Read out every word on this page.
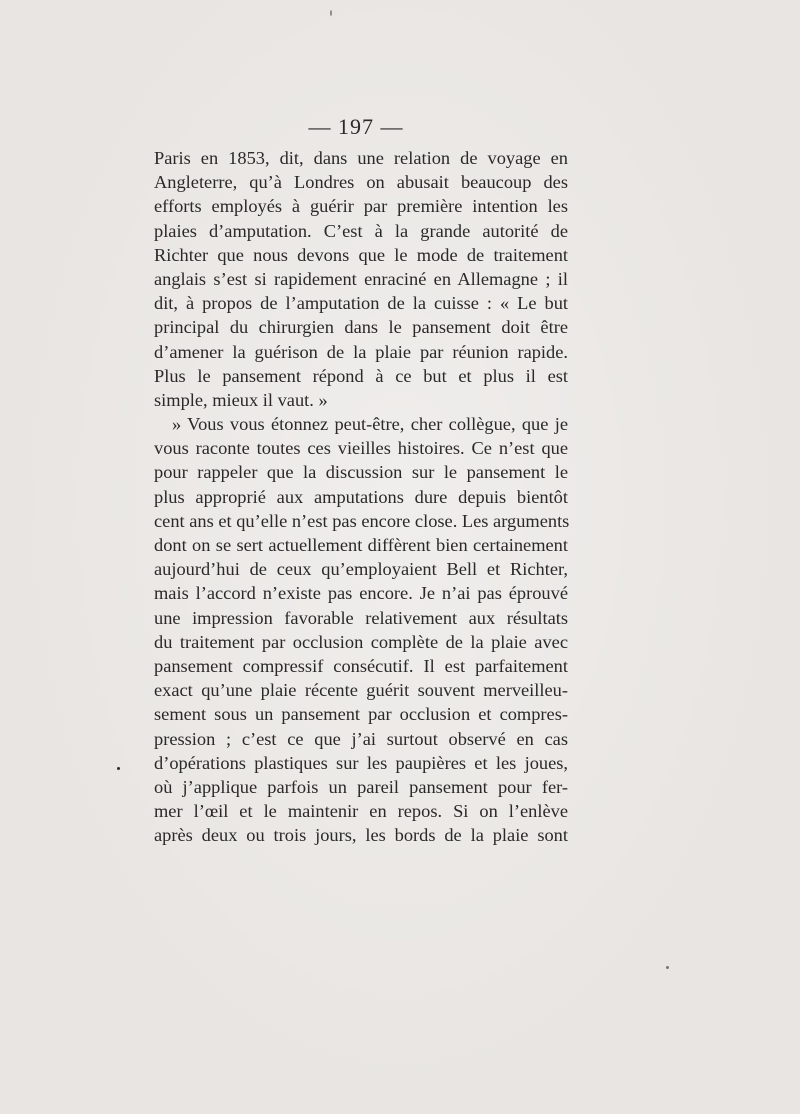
— 197 —
Paris en 1853, dit, dans une relation de voyage en
Angleterre, qu’à Londres on abusait beaucoup des
efforts employés à guérir par première intention les
plaies d’amputation. C’est à la grande autorité de
Richter que nous devons que le mode de traitement
anglais s’est si rapidement enraciné en Allemagne ; il
dit, à propos de l’amputation de la cuisse : « Le but
principal du chirurgien dans le pansement doit être
d’amener la guérison de la plaie par réunion rapide.
Plus le pansement répond à ce but et plus il est
simple, mieux il vaut. »
» Vous vous étonnez peut-être, cher collègue, que je
vous raconte toutes ces vieilles histoires. Ce n’est que
pour rappeler que la discussion sur le pansement le
plus approprié aux amputations dure depuis bientôt
cent ans et qu’elle n’est pas encore close. Les arguments
dont on se sert actuellement diffèrent bien certainement
aujourd’hui de ceux qu’employaient Bell et Richter,
mais l’accord n’existe pas encore. Je n’ai pas éprouvé
une impression favorable relativement aux résultats
du traitement par occlusion complète de la plaie avec
pansement compressif consécutif. Il est parfaitement
exact qu’une plaie récente guérit souvent merveilleu-
sement sous un pansement par occlusion et compres-
pression ; c’est ce que j’ai surtout observé en cas
d’opérations plastiques sur les paupières et les joues,
où j’applique parfois un pareil pansement pour fer-
mer l’œil et le maintenir en repos. Si on l’enlève
après deux ou trois jours, les bords de la plaie sont
